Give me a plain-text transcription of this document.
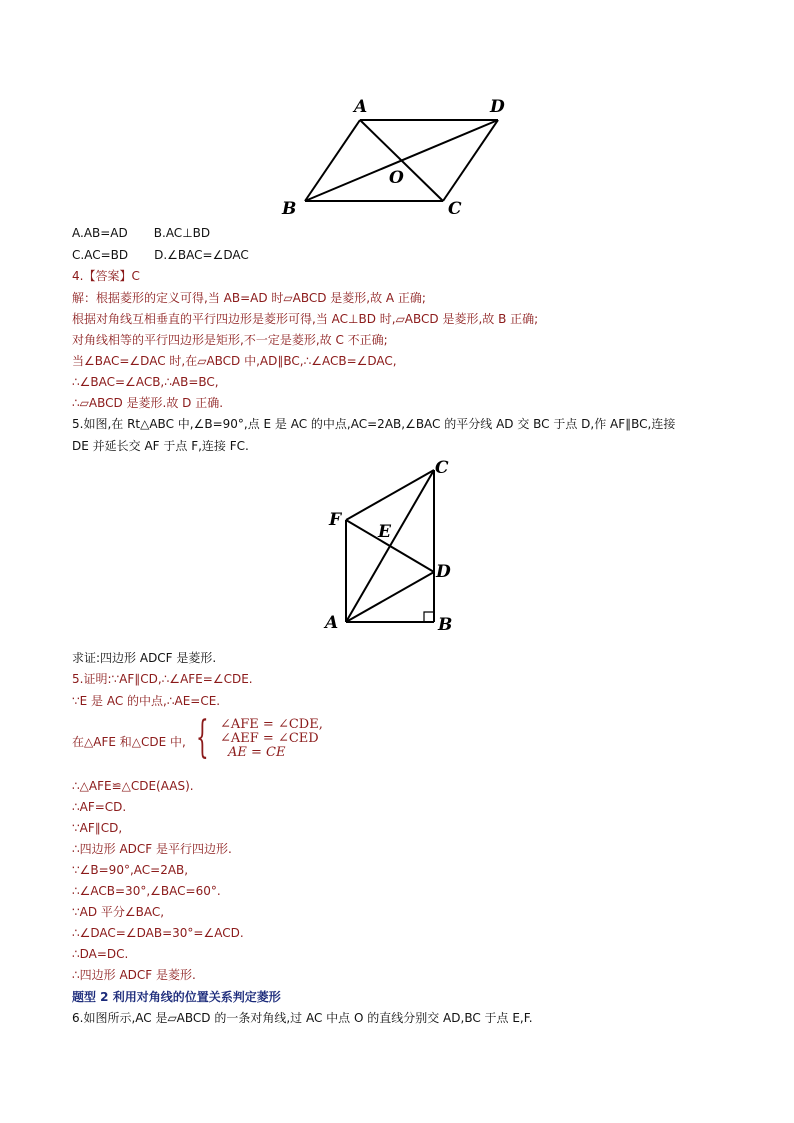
A	D
O
B	C
A.AB=AD B.AC⊥BD
C.AC=BD D.∠BAC=∠DAC
4.【答案】C
解：根据菱形的定义可得,当 AB=AD 时▱ABCD 是菱形,故 A 正确;
根据对角线互相垂直的平行四边形是菱形可得,当 AC⊥BD 时,▱ABCD 是菱形,故 B 正确;
对角线相等的平行四边形是矩形,不一定是菱形,故 C 不正确;
当∠BAC=∠DAC 时,在▱ABCD 中,AD∥BC,∴∠ACB=∠DAC,
∴∠BAC=∠ACB,∴AB=BC,
∴▱ABCD 是菱形.故 D 正确.
5.如图,在 Rt△ABC 中,∠B=90°,点 E 是 AC 的中点,AC=2AB,∠BAC 的平分线 AD 交 BC 于点 D,作 AF∥BC,连接
DE 并延长交 AF 于点 F,连接 FC.
C
F
E
D
A	B
求证:四边形 ADCF 是菱形.
5.证明:∵AF∥CD,∴∠AFE=∠CDE.
∵E 是 AC 的中点,∴AE=CE.
在△AFE 和△CDE 中, { ∠AFE = ∠CDE,
∠AEF = ∠CED
AE = CE
∴△AFE≌△CDE(AAS).
∴AF=CD.
∵AF∥CD,
∴四边形 ADCF 是平行四边形.
∵∠B=90°,AC=2AB,
∴∠ACB=30°,∠BAC=60°.
∵AD 平分∠BAC,
∴∠DAC=∠DAB=30°=∠ACD.
∴DA=DC.
∴四边形 ADCF 是菱形.
题型 2 利用对角线的位置关系判定菱形
6.如图所示,AC 是▱ABCD 的一条对角线,过 AC 中点 O 的直线分别交 AD,BC 于点 E,F.
